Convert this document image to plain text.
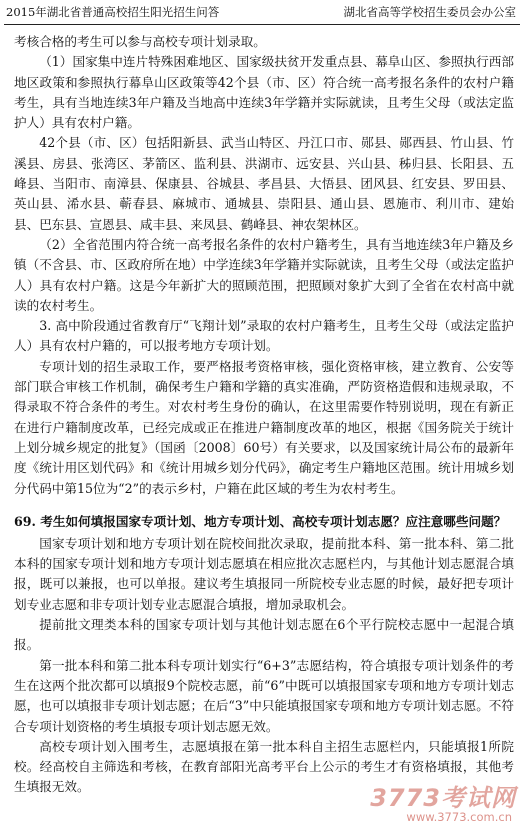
2015年湖北省普通高校招生阳光招生问答	湖北省高等学校招生委员会办公室

考核合格的考生可以参与高校专项计划录取。

（1）国家集中连片特殊困难地区、国家级扶贫开发重点县、幕阜山区、参照执行西部地区政策和参照执行幕阜山区政策等42个县（市、区）符合统一高考报名条件的农村户籍考生，具有当地连续3年户籍及当地高中连续3年学籍并实际就读，且考生父母（或法定监护人）具有农村户籍。

42个县（市、区）包括阳新县、武当山特区、丹江口市、郧县、郧西县、竹山县、竹溪县、房县、张湾区、茅箭区、监利县、洪湖市、远安县、兴山县、秭归县、长阳县、五峰县、当阳市、南漳县、保康县、谷城县、孝昌县、大悟县、团风县、红安县、罗田县、英山县、浠水县、蕲春县、麻城市、通城县、崇阳县、通山县、恩施市、利川市、建始县、巴东县、宣恩县、咸丰县、来凤县、鹤峰县、神农架林区。

（2）全省范围内符合统一高考报名条件的农村户籍考生，具有当地连续3年户籍及乡镇（不含县、市、区政府所在地）中学连续3年学籍并实际就读，且考生父母（或法定监护人）具有农村户籍。这是今年新扩大的照顾范围，把照顾对象扩大到了全省在农村高中就读的农村考生。

3. 高中阶段通过省教育厅“飞翔计划”录取的农村户籍考生，且考生父母（或法定监护人）具有农村户籍的，可以报考地方专项计划。

专项计划的招生录取工作，要严格报考资格审核，强化资格审核，建立教育、公安等部门联合审核工作机制，确保考生户籍和学籍的真实准确，严防资格造假和违规录取，不得录取不符合条件的考生。对农村考生身份的确认，在这里需要作特别说明，现在有新正在进行户籍制度改革，已经完成或正在推进户籍制度改革的地区，根据《国务院关于统计上划分城乡规定的批复》（国函〔2008〕60号）有关要求，以及国家统计局公布的最新年度《统计用区划代码》和《统计用城乡划分代码》，确定考生户籍地区范围。统计用城乡划分代码中第15位为“2”的表示乡村，户籍在此区域的考生为农村考生。

69. 考生如何填报国家专项计划、地方专项计划、高校专项计划志愿？应注意哪些问题？

国家专项计划和地方专项计划在院校间批次录取，提前批本科、第一批本科、第二批本科的国家专项计划和地方专项计划志愿填在相应批次志愿栏内，与其他计划志愿混合填报，既可以兼报，也可以单报。建议考生填报同一所院校专业志愿的时候，最好把专项计划专业志愿和非专项计划专业志愿混合填报，增加录取机会。

提前批文理类本科的国家专项计划与其他计划志愿在6个平行院校志愿中一起混合填报。

第一批本科和第二批本科专项计划实行“6+3”志愿结构，符合填报专项计划条件的考生在这两个批次都可以填报9个院校志愿，前“6”中既可以填报国家专项和地方专项计划志愿，也可以填报非专项计划志愿；在后“3”中只能填报国家专项和地方专项计划志愿。不符合专项计划资格的考生填报专项计划志愿无效。

高校专项计划入围考生，志愿填报在第一批本科自主招生志愿栏内，只能填报1所院校。经高校自主筛选和考核，在教育部阳光高考平台上公示的考生才有资格填报，其他考生填报无效。	3773考试网
www.3773.com.cn
